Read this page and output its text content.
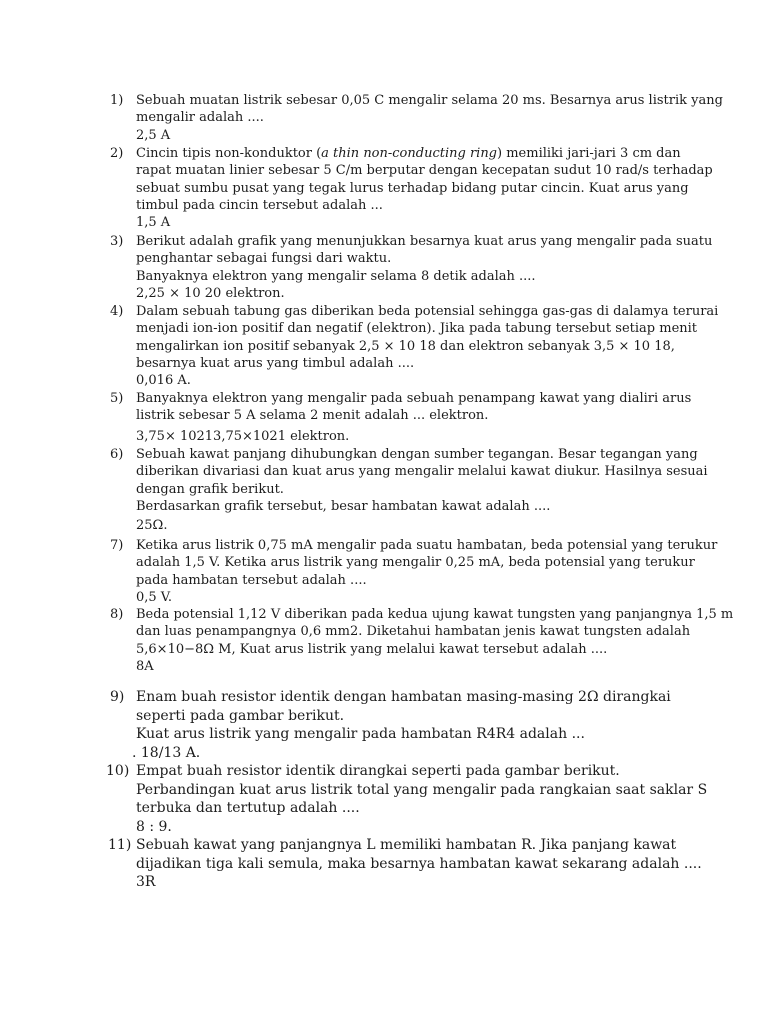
1) Sebuah muatan listrik sebesar 0,05 C mengalir selama 20 ms. Besarnya arus listrik yang
mengalir adalah ....
2,5 A
2) Cincin tipis non-konduktor (a thin non-conducting ring) memiliki jari-jari 3 cm dan
rapat muatan linier sebesar 5 C/m berputar dengan kecepatan sudut 10 rad/s terhadap
sebuat sumbu pusat yang tegak lurus terhadap bidang putar cincin. Kuat arus yang
timbul pada cincin tersebut adalah ...
1,5 A
3) Berikut adalah grafik yang menunjukkan besarnya kuat arus yang mengalir pada suatu
penghantar sebagai fungsi dari waktu.
Banyaknya elektron yang mengalir selama 8 detik adalah ....
2,25 × 10 20 elektron.
4) Dalam sebuah tabung gas diberikan beda potensial sehingga gas-gas di dalamya terurai
menjadi ion-ion positif dan negatif (elektron). Jika pada tabung tersebut setiap menit
mengalirkan ion positif sebanyak 2,5 × 10 18 dan elektron sebanyak 3,5 × 10 18,
besarnya kuat arus yang timbul adalah ....
0,016 A.
5) Banyaknya elektron yang mengalir pada sebuah penampang kawat yang dialiri arus
listrik sebesar 5 A selama 2 menit adalah ... elektron.
3,75× 10213,75×1021 elektron.
6) Sebuah kawat panjang dihubungkan dengan sumber tegangan. Besar tegangan yang
diberikan divariasi dan kuat arus yang mengalir melalui kawat diukur. Hasilnya sesuai
dengan grafik berikut.
Berdasarkan grafik tersebut, besar hambatan kawat adalah ....
25Ω.
7) Ketika arus listrik 0,75 mA mengalir pada suatu hambatan, beda potensial yang terukur
adalah 1,5 V. Ketika arus listrik yang mengalir 0,25 mA, beda potensial yang terukur
pada hambatan tersebut adalah ....
0,5 V.
8) Beda potensial 1,12 V diberikan pada kedua ujung kawat tungsten yang panjangnya 1,5 m
dan luas penampangnya 0,6 mm2. Diketahui hambatan jenis kawat tungsten adalah
5,6×10−8Ω M, Kuat arus listrik yang melalui kawat tersebut adalah ....
8A
9) Enam buah resistor identik dengan hambatan masing-masing 2Ω dirangkai
seperti pada gambar berikut.
Kuat arus listrik yang mengalir pada hambatan R4R4 adalah ...
. 18/13 A.
10) Empat buah resistor identik dirangkai seperti pada gambar berikut.
Perbandingan kuat arus listrik total yang mengalir pada rangkaian saat saklar S
terbuka dan tertutup adalah ....
8 : 9.
11) Sebuah kawat yang panjangnya L memiliki hambatan R. Jika panjang kawat
dijadikan tiga kali semula, maka besarnya hambatan kawat sekarang adalah ....
3R
